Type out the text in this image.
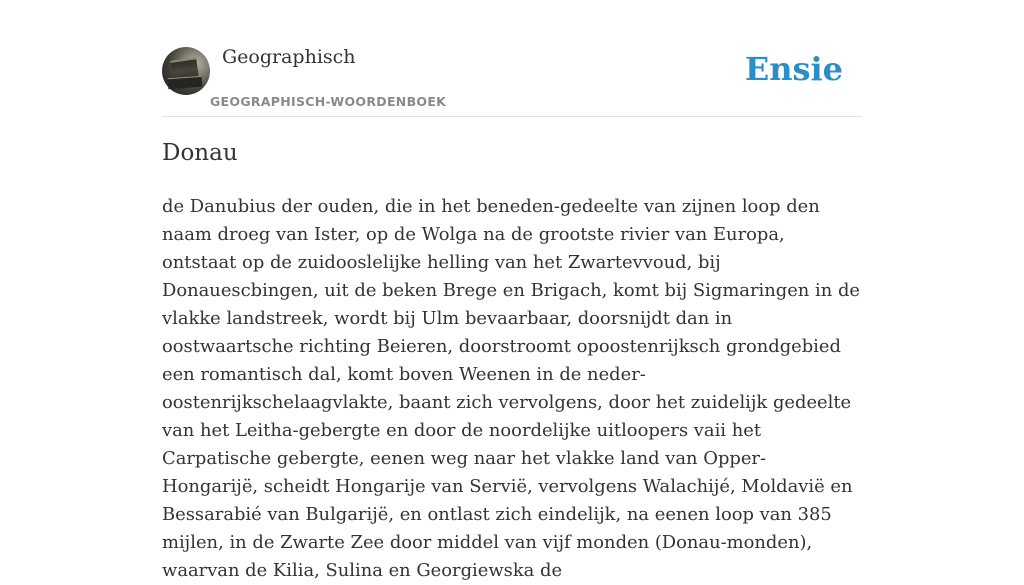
Geographisch
GEOGRAPHISCH-WOORDENBOEK
Ensie
Donau

de Danubius der ouden, die in het beneden-gedeelte van zijnen loop den naam droeg van Ister, op de Wolga na de grootste rivier van Europa, ontstaat op de zuidooslelijke helling van het Zwartevvoud, bij Donauescbingen, uit de beken Brege en Brigach, komt bij Sigmaringen in de vlakke landstreek, wordt bij Ulm bevaarbaar, doorsnijdt dan in oostwaartsche richting Beieren, doorstroomt opoostenrijksch grondgebied een romantisch dal, komt boven Weenen in de neder-oostenrijkschelaagvlakte, baant zich vervolgens, door het zuidelijk gedeelte van het Leitha-gebergte en door de noordelijke uitloopers vaii het Carpatische gebergte, eenen weg naar het vlakke land van Opper-Hongarijë, scheidt Hongarije van Servië, vervolgens Walachijé, Moldavië en Bessarabié van Bulgarijë, en ontlast zich eindelijk, na eenen loop van 385 mijlen, in de Zwarte Zee door middel van vijf monden (Donau-monden), waarvan de Kilia, Sulina en Georgiewska de
